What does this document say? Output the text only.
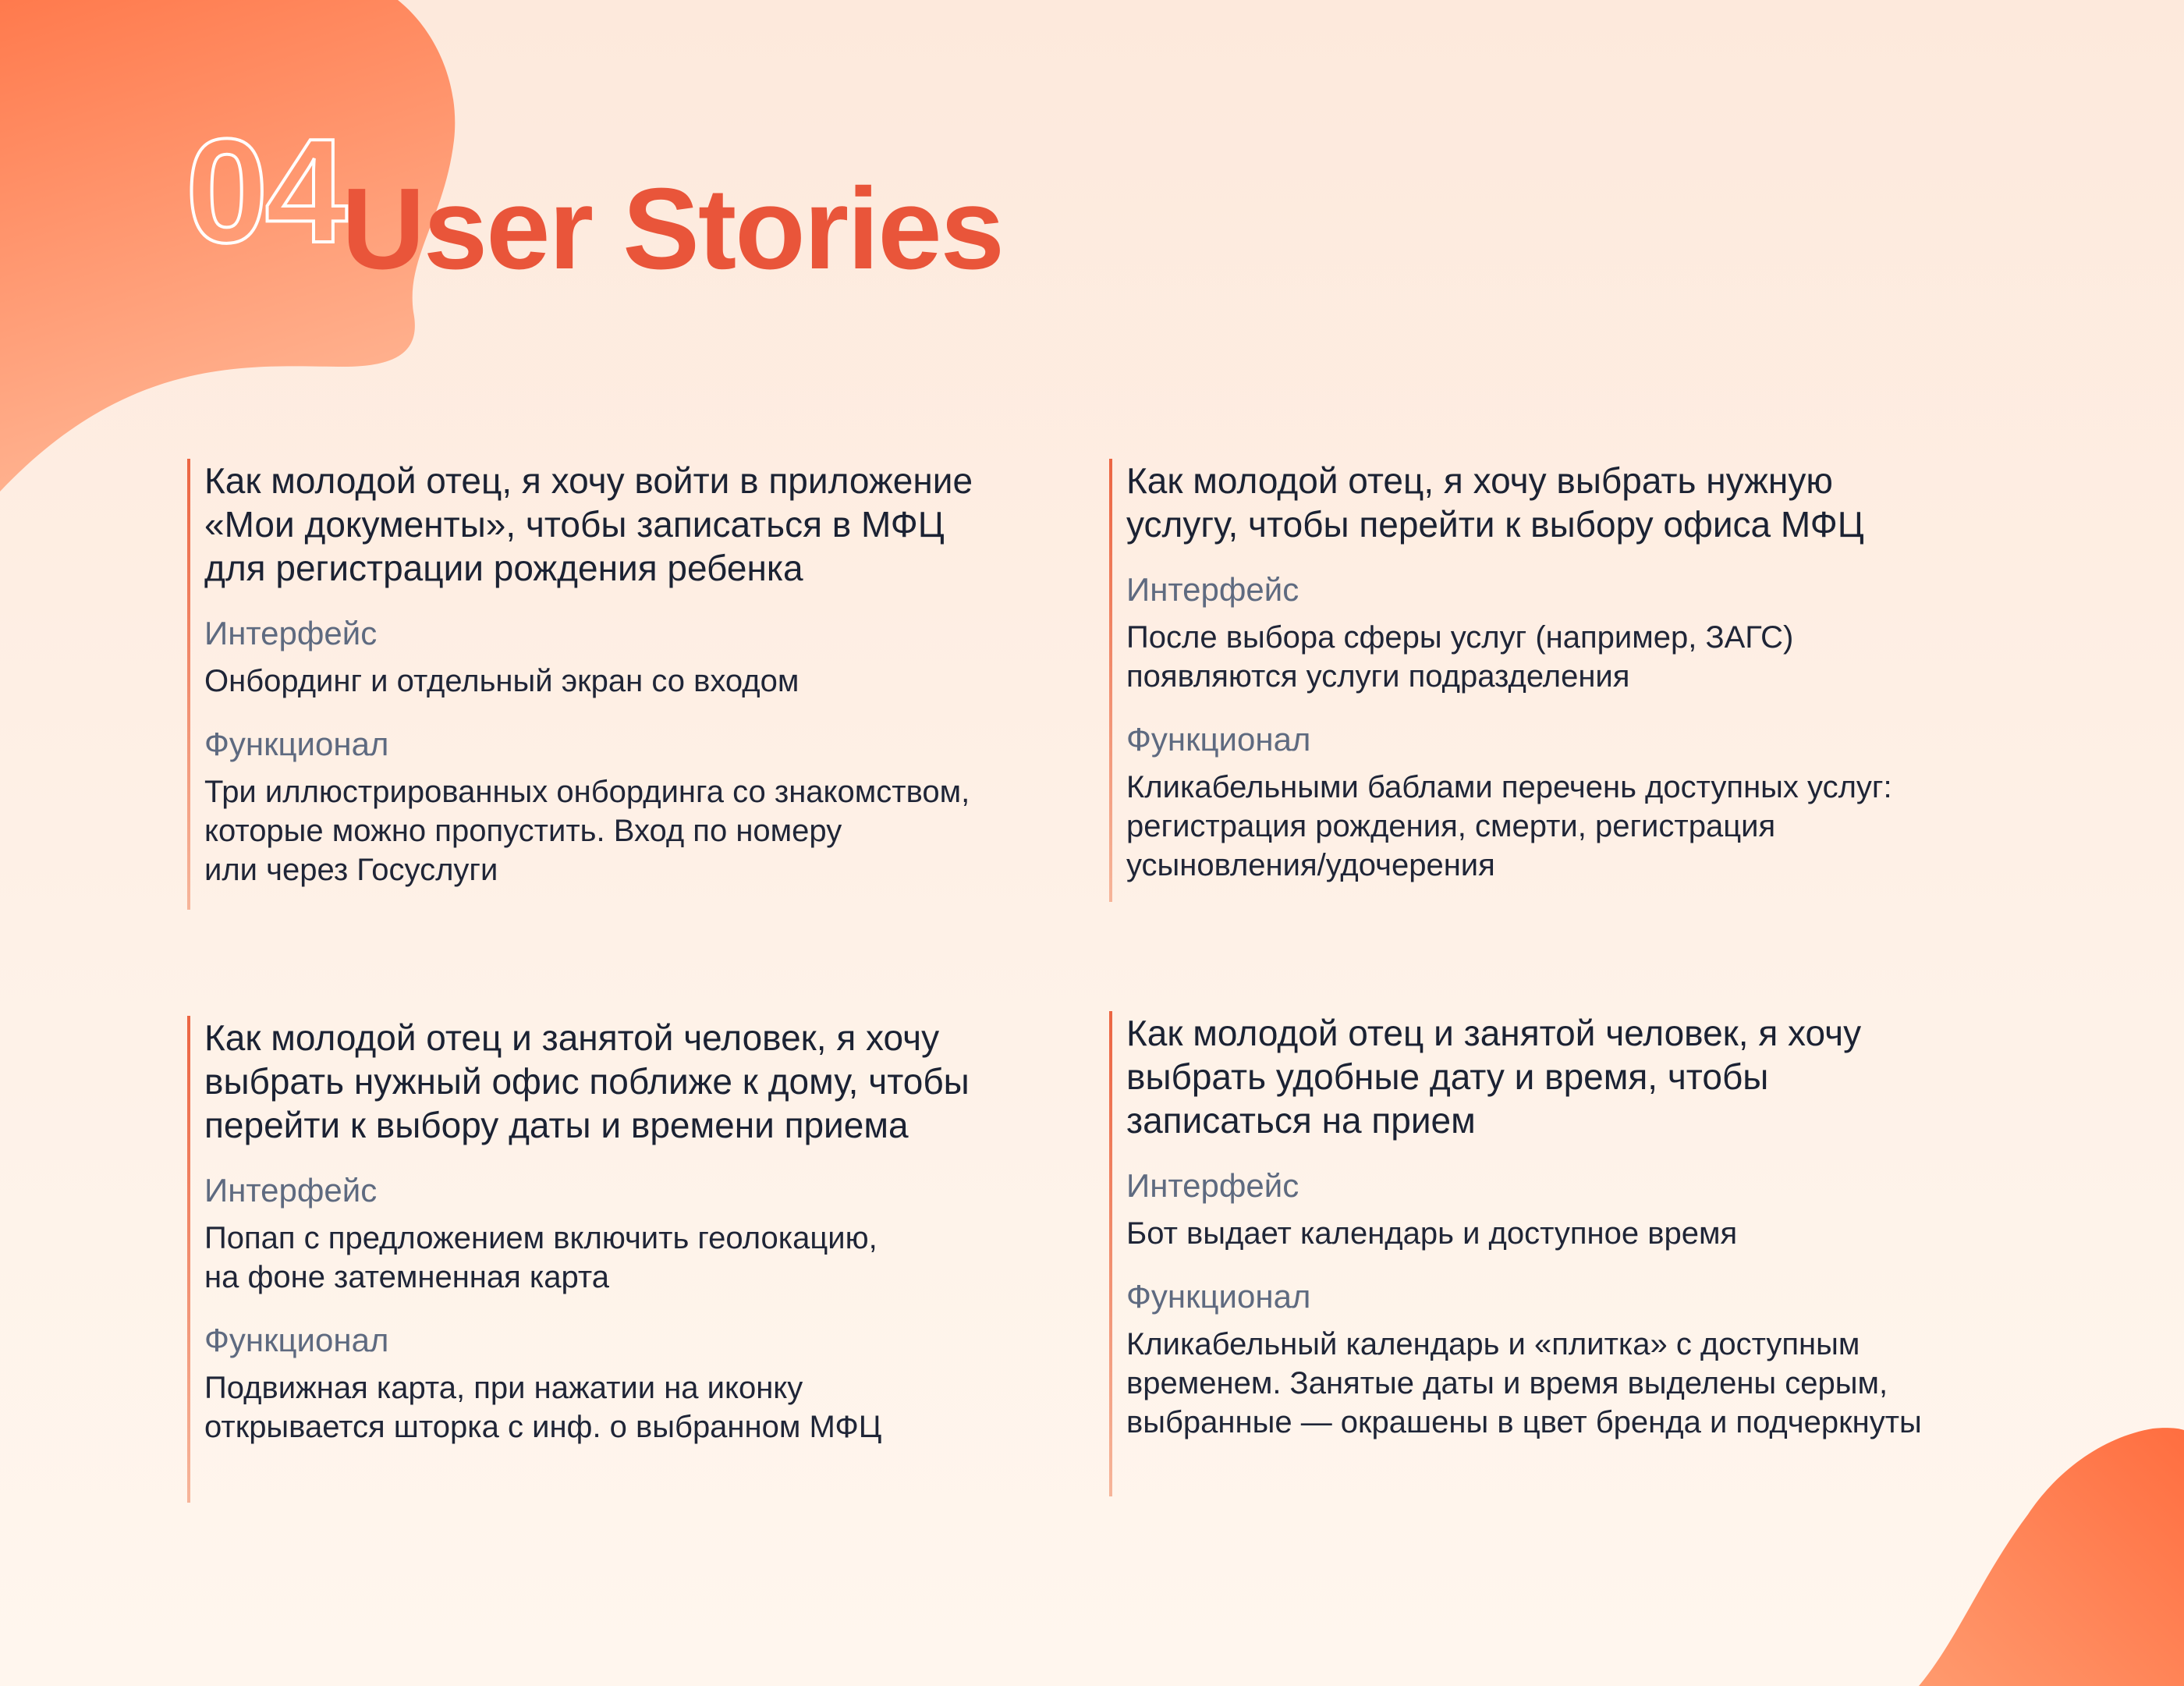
04
User Stories

Как молодой отец, я хочу войти в приложение
«Мои документы», чтобы записаться в МФЦ
для регистрации рождения ребенка

Интерфейс

Онбординг и отдельный экран со входом

Функционал

Три иллюстрированных онбординга со знакомством,
которые можно пропустить. Вход по номеру
или через Госуслуги

Как молодой отец, я хочу выбрать нужную
услугу, чтобы перейти к выбору офиса МФЦ

Интерфейс

После выбора сферы услуг (например, ЗАГС)
появляются услуги подразделения

Функционал

Кликабельными баблами перечень доступных услуг:
регистрация рождения, смерти, регистрация
усыновления/удочерения

Как молодой отец и занятой человек, я хочу
выбрать нужный офис поближе к дому, чтобы
перейти к выбору даты и времени приема

Интерфейс

Попап с предложением включить геолокацию,
на фоне затемненная карта

Функционал

Подвижная карта, при нажатии на иконку
открывается шторка с инф. о выбранном МФЦ

Как молодой отец и занятой человек, я хочу
выбрать удобные дату и время, чтобы
записаться на прием

Интерфейс

Бот выдает календарь и доступное время

Функционал

Кликабельный календарь и «плитка» с доступным
временем. Занятые даты и время выделены серым,
выбранные — окрашены в цвет бренда и подчеркнуты
